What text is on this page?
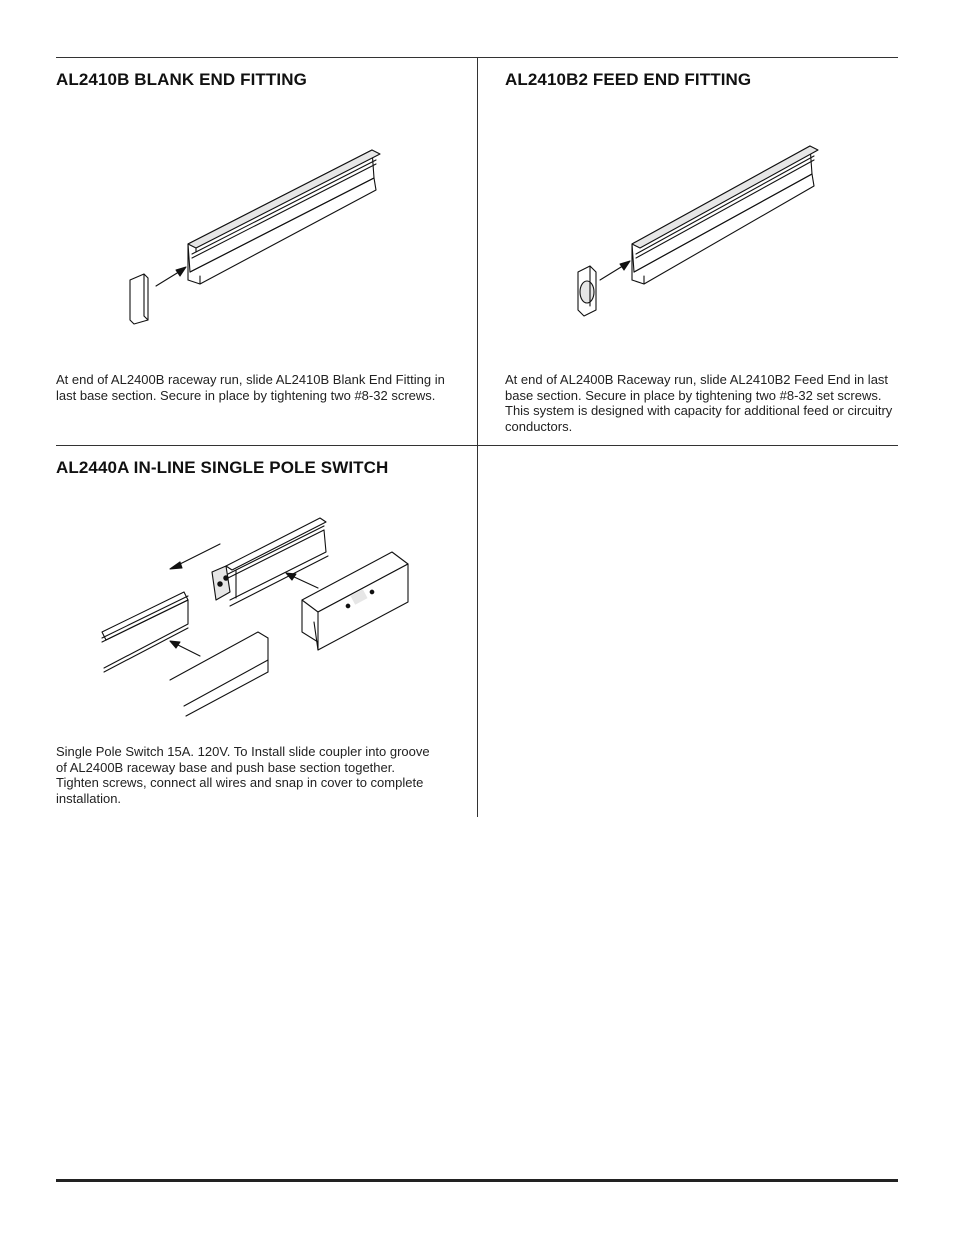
AL2410B BLANK END FITTING

At end of AL2400B raceway run, slide AL2410B Blank End Fitting in last base section. Secure in place by tightening two #8-32 screws.

AL2410B2 FEED END FITTING

At end of AL2400B Raceway run, slide AL2410B2 Feed End in last base section. Secure in place by tightening two #8-32 set screws. This system is designed with capacity for additional feed or circuitry conductors.

AL2440A IN-LINE SINGLE POLE SWITCH

Single Pole Switch 15A. 120V. To Install slide coupler into groove of AL2400B raceway base and push base section together. Tighten screws, connect all wires and snap in cover to complete installation.
